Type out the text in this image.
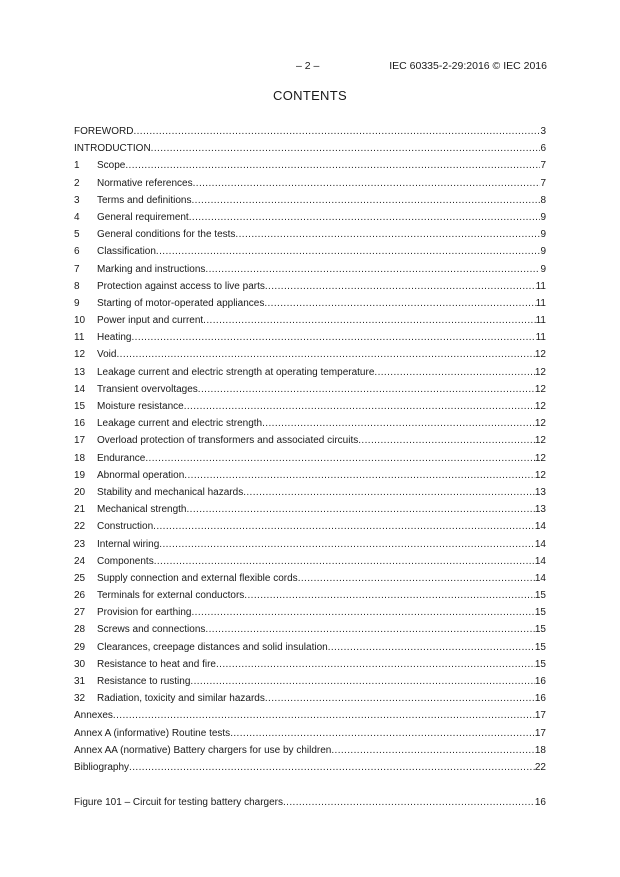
– 2 –	IEC 60335-2-29:2016 © IEC 2016
CONTENTS
FOREWORD .....	3
INTRODUCTION .....	6
1	Scope .....	7
2	Normative references .....	7
3	Terms and definitions .....	8
4	General requirement .....	9
5	General conditions for the tests .....	9
6	Classification .....	9
7	Marking and instructions .....	9
8	Protection against access to live parts .....	11
9	Starting of motor-operated appliances .....	11
10	Power input and current .....	11
11	Heating .....	11
12	Void .....	12
13	Leakage current and electric strength at operating temperature .....	12
14	Transient overvoltages .....	12
15	Moisture resistance .....	12
16	Leakage current and electric strength .....	12
17	Overload protection of transformers and associated circuits .....	12
18	Endurance .....	12
19	Abnormal operation .....	12
20	Stability and mechanical hazards .....	13
21	Mechanical strength .....	13
22	Construction .....	14
23	Internal wiring .....	14
24	Components .....	14
25	Supply connection and external flexible cords .....	14
26	Terminals for external conductors .....	15
27	Provision for earthing .....	15
28	Screws and connections .....	15
29	Clearances, creepage distances and solid insulation .....	15
30	Resistance to heat and fire .....	15
31	Resistance to rusting .....	16
32	Radiation, toxicity and similar hazards .....	16
Annexes .....	17
Annex A (informative) Routine tests .....	17
Annex AA (normative) Battery chargers for use by children .....	18
Bibliography .....	22
Figure 101 – Circuit for testing battery chargers .....	16
